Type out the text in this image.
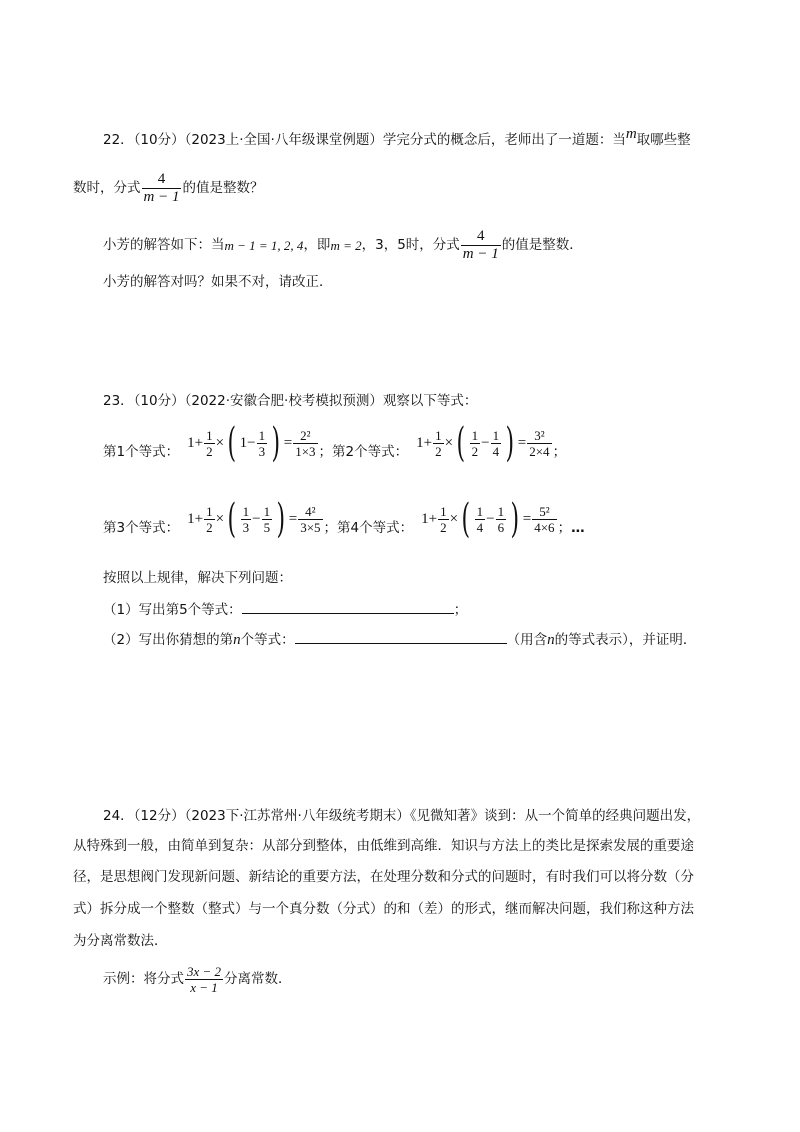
22．（10分）（2023上·全国·八年级课堂例题）学完分式的概念后，老师出了一道题：当m取哪些整
数时，分式 $\frac{4}{m - 1}$ 的值是整数？
小芳的解答如下：当 m − 1 = 1, 2, 4 ，即 m = 2 ，3，5时，分式 $\frac{4}{m - 1}$ 的值是整数．
小芳的解答对吗？如果不对，请改正．
23．（10分）（2022·安徽合肥·校考模拟预测）观察以下等式：
第1个等式：
$1 + \frac{1}{2}$ × ( $1 - \frac{1}{3}$ ) = $\frac{\text{2²}}{1\times 3}$ ；第2个等式：
$1 + \frac{1}{2}$ × ( $\frac{1}{2} - \frac{1}{4}$ ) = $\frac{\text{3²}}{2\times 4}$ ；
第3个等式：
$1 + \frac{1}{2}$ × ( $\frac{1}{3} - \frac{1}{5}$ ) = $\frac{\text{4²}}{3\times 5}$ ；第4个等式：
$1 + \frac{1}{2}$ × ( $\frac{1}{4} - \frac{1}{6}$ ) = $\frac{\text{5²}}{4\times 6}$ ； …
按照以上规律，解决下列问题：
（1）写出第5个等式：	；
（2）写出你猜想的第n个等式：	（用含n的等式表示），并证明．
24．（12分）（2023下·江苏常州·八年级统考期末）《见微知著》谈到：从一个简单的经典问题出发，
从特殊到一般，由简单到复杂：从部分到整体，由低维到高维．知识与方法上的类比是探索发展的重要途
径，是思想阀门发现新问题、新结论的重要方法，在处理分数和分式的问题时，有时我们可以将分数（分
式）拆分成一个整数（整式）与一个真分数（分式）的和（差）的形式，继而解决问题，我们称这种方法
为分离常数法．
示例：将分式 $\frac{3x - 2}{x - 1}$ 分离常数．
